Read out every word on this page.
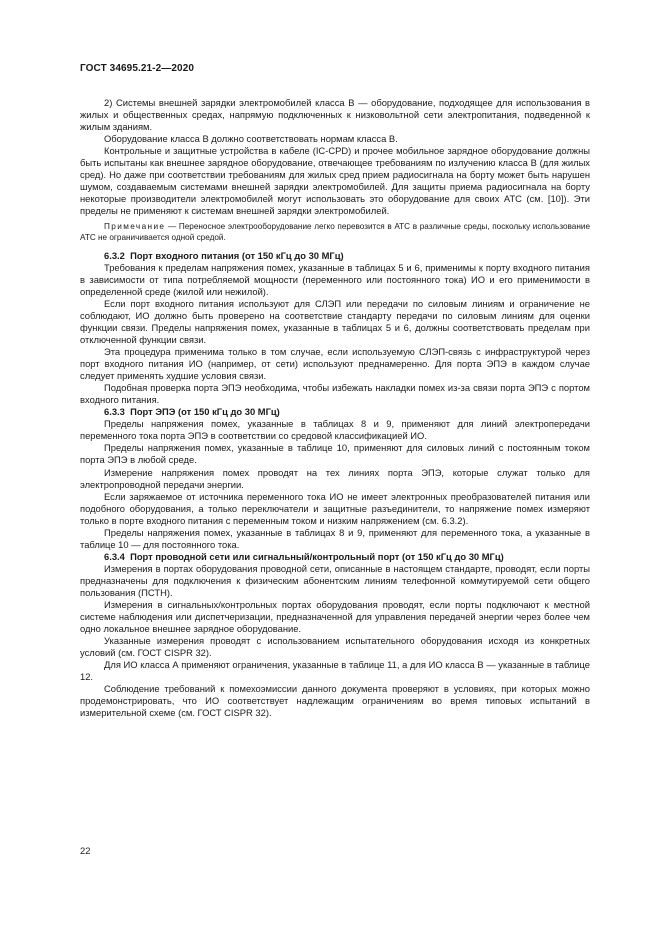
ГОСТ 34695.21-2—2020

2) Системы внешней зарядки электромобилей класса В — оборудование, подходящее для использования в жилых и общественных средах, напрямую подключенных к низковольтной сети электропитания, подведенной к жилым зданиям.

Оборудование класса В должно соответствовать нормам класса В.

Контрольные и защитные устройства в кабеле (IC-CPD) и прочее мобильное зарядное оборудование должны быть испытаны как внешнее зарядное оборудование, отвечающее требованиям по излучению класса В (для жилых сред). Но даже при соответствии требованиям для жилых сред прием радиосигнала на борту может быть нарушен шумом, создаваемым системами внешней зарядки электромобилей. Для защиты приема радиосигнала на борту некоторые производители электромобилей могут использовать это оборудование для своих АТС (см. [10]). Эти пределы не применяют к системам внешней зарядки электромобилей.

Примечание — Переносное электрооборудование легко перевозится в АТС в различные среды, поскольку использование АТС не ограничивается одной средой.

6.3.2 Порт входного питания (от 150 кГц до 30 МГц)

Требования к пределам напряжения помех, указанные в таблицах 5 и 6, применимы к порту входного питания в зависимости от типа потребляемой мощности (переменного или постоянного тока) ИО и его применимости в определенной среде (жилой или нежилой).

Если порт входного питания используют для СЛЭП или передачи по силовым линиям и ограничение не соблюдают, ИО должно быть проверено на соответствие стандарту передачи по силовым линиям для оценки функции связи. Пределы напряжения помех, указанные в таблицах 5 и 6, должны соответствовать пределам при отключенной функции связи.

Эта процедура применима только в том случае, если используемую СЛЭП-связь с инфраструктурой через порт входного питания ИО (например, от сети) используют преднамеренно. Для порта ЭПЭ в каждом случае следует применять худшие условия связи.

Подобная проверка порта ЭПЭ необходима, чтобы избежать накладки помех из-за связи порта ЭПЭ с портом входного питания.

6.3.3 Порт ЭПЭ (от 150 кГц до 30 МГц)

Пределы напряжения помех, указанные в таблицах 8 и 9, применяют для линий электропередачи переменного тока порта ЭПЭ в соответствии со средовой классификацией ИО.

Пределы напряжения помех, указанные в таблице 10, применяют для силовых линий с постоянным током порта ЭПЭ в любой среде.

Измерение напряжения помех проводят на тех линиях порта ЭПЭ, которые служат только для электропроводной передачи энергии.

Если заряжаемое от источника переменного тока ИО не имеет электронных преобразователей питания или подобного оборудования, а только переключатели и защитные разъединители, то напряжение помех измеряют только в порте входного питания с переменным током и низким напряжением (см. 6.3.2).

Пределы напряжения помех, указанные в таблицах 8 и 9, применяют для переменного тока, а указанные в таблице 10 — для постоянного тока.

6.3.4 Порт проводной сети или сигнальный/контрольный порт (от 150 кГц до 30 МГц)

Измерения в портах оборудования проводной сети, описанные в настоящем стандарте, проводят, если порты предназначены для подключения к физическим абонентским линиям телефонной коммутируемой сети общего пользования (ПСТН).

Измерения в сигнальных/контрольных портах оборудования проводят, если порты подключают к местной системе наблюдения или диспетчеризации, предназначенной для управления передачей энергии через более чем одно локальное внешнее зарядное оборудование.

Указанные измерения проводят с использованием испытательного оборудования исходя из конкретных условий (см. ГОСТ CISPR 32).

Для ИО класса А применяют ограничения, указанные в таблице 11, а для ИО класса В — указанные в таблице 12.

Соблюдение требований к помехоэмиссии данного документа проверяют в условиях, при которых можно продемонстрировать, что ИО соответствует надлежащим ограничениям во время типовых испытаний в измерительной схеме (см. ГОСТ CISPR 32).

22
